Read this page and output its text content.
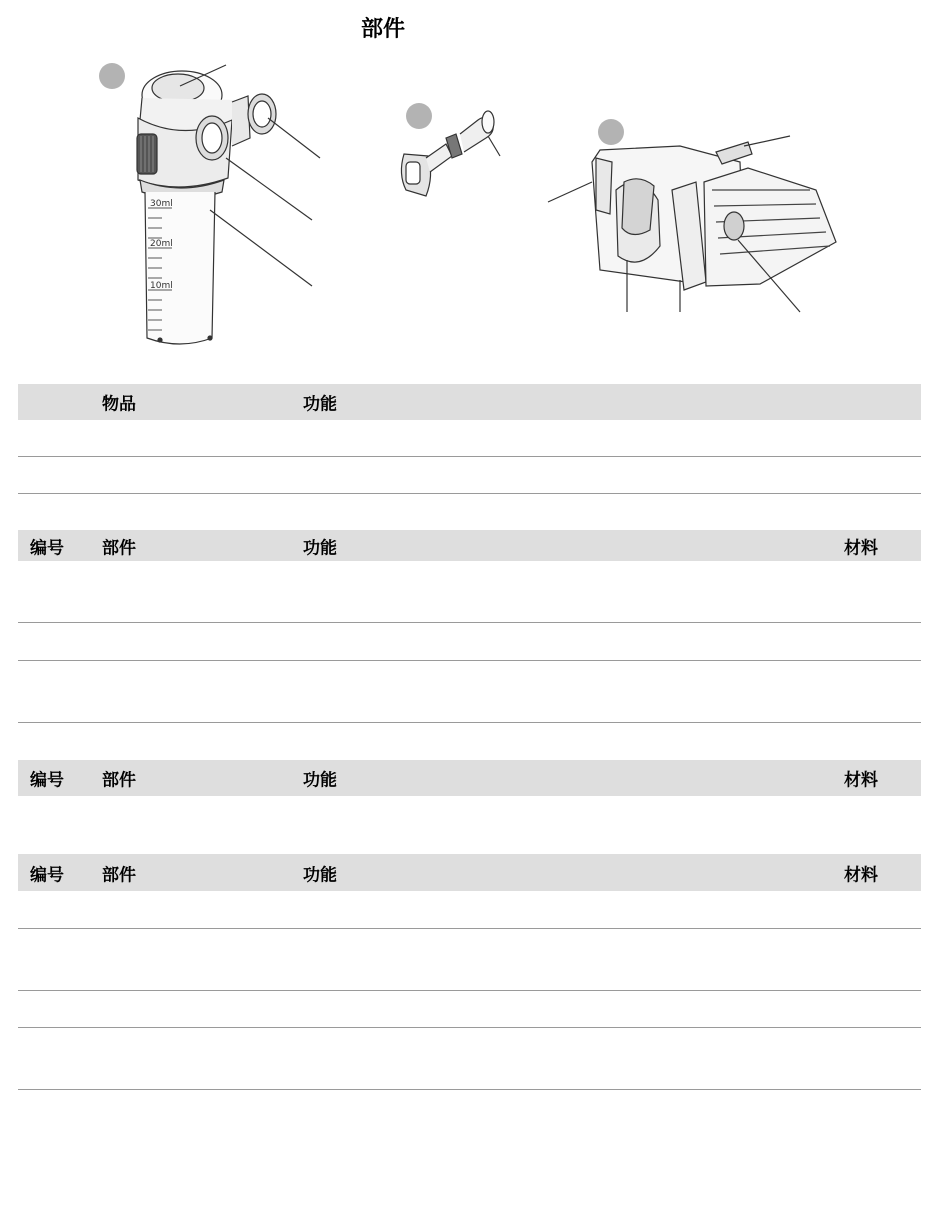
部件
30ml
20ml
10ml
物品	功能
编号 部件	功能	材料
编号 部件	功能	材料
编号 部件	功能	材料
